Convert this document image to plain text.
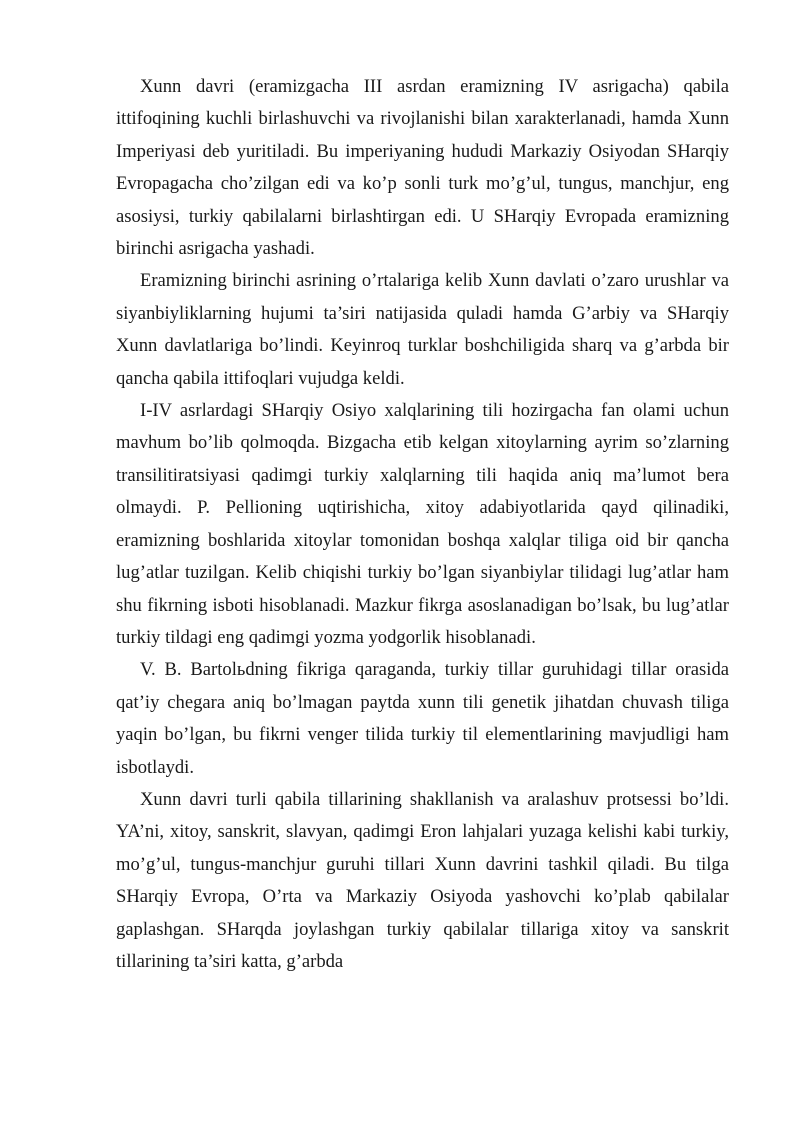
Xunn davri (eramizgacha III asrdan eramizning IV asrigacha) qabila ittifoqining kuchli birlashuvchi va rivojlanishi bilan xarakterlanadi, hamda Xunn Imperiyasi deb yuritiladi. Bu imperiyaning hududi Markaziy Osiyodan SHarqiy Evropagacha cho’zilgan edi va ko’p sonli turk mo’g’ul, tungus, manchjur, eng asosiysi, turkiy qabilalarni birlashtirgan edi. U SHarqiy Evropada eramizning birinchi asrigacha yashadi.

Eramizning birinchi asrining o’rtalariga kelib Xunn davlati o’zaro urushlar va siyanbiyliklarning hujumi ta’siri natijasida quladi hamda G’arbiy va SHarqiy Xunn davlatlariga bo’lindi. Keyinroq turklar boshchiligida sharq va g’arbda bir qancha qabila ittifoqlari vujudga keldi.

I-IV asrlardagi SHarqiy Osiyo xalqlarining tili hozirgacha fan olami uchun mavhum bo’lib qolmoqda. Bizgacha etib kelgan xitoylarning ayrim so’zlarning transilitiratsiyasi qadimgi turkiy xalqlarning tili haqida aniq ma’lumot bera olmaydi. P. Pellioning uqtirishicha, xitoy adabiyotlarida qayd qilinadiki, eramizning boshlarida xitoylar tomonidan boshqa xalqlar tiliga oid bir qancha lug’atlar tuzilgan. Kelib chiqishi turkiy bo’lgan siyanbiylar tilidagi lug’atlar ham shu fikrning isboti hisoblanadi. Mazkur fikrga asoslanadigan bo’lsak, bu lug’atlar turkiy tildagi eng qadimgi yozma yodgorlik hisoblanadi.

V. B. Bartolьdning fikriga qaraganda, turkiy tillar guruhidagi tillar orasida qat’iy chegara aniq bo’lmagan paytda xunn tili genetik jihatdan chuvash tiliga yaqin bo’lgan, bu fikrni venger tilida turkiy til elementlarining mavjudligi ham isbotlaydi.

Xunn davri turli qabila tillarining shakllanish va aralashuv protsessi bo’ldi. YA’ni, xitoy, sanskrit, slavyan, qadimgi Eron lahjalari yuzaga kelishi kabi turkiy, mo’g’ul, tungus-manchjur guruhi tillari Xunn davrini tashkil qiladi. Bu tilga SHarqiy Evropa, O’rta va Markaziy Osiyoda yashovchi ko’plab qabilalar gaplashgan. SHarqda joylashgan turkiy qabilalar tillariga xitoy va sanskrit tillarining ta’siri katta, g’arbda
